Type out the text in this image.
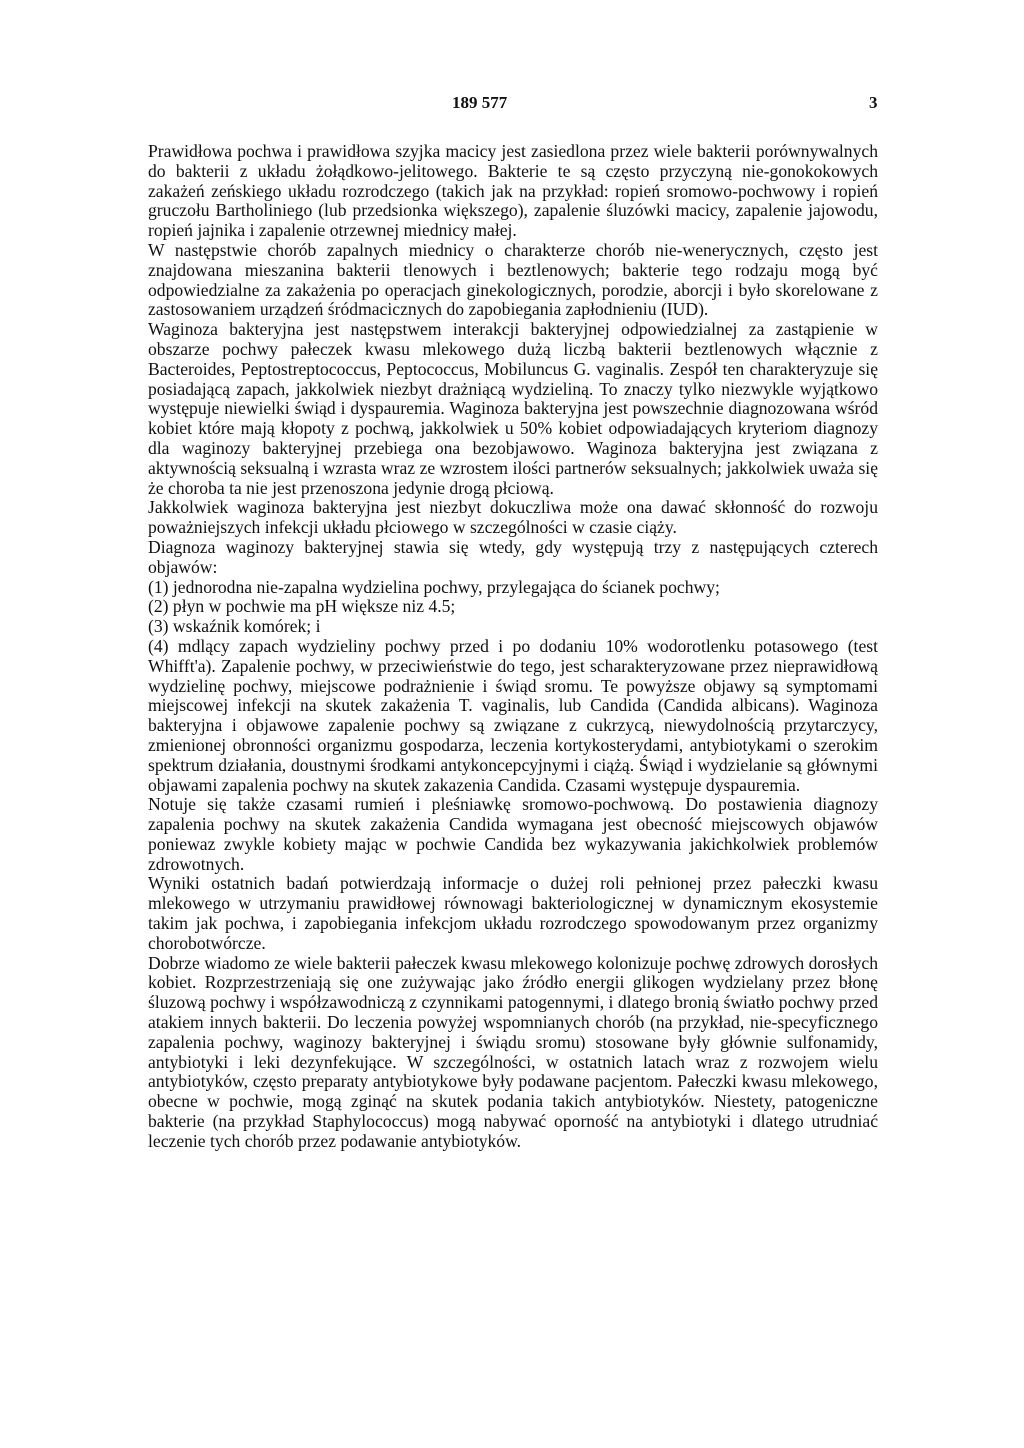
189 577	3

Prawidłowa pochwa i prawidłowa szyjka macicy jest zasiedlona przez wiele bakterii porównywalnych do bakterii z układu żołądkowo-jelitowego. Bakterie te są często przyczyną nie-gonokokowych zakażeń zeńskiego układu rozrodczego (takich jak na przykład: ropień sromowo-pochwowy i ropień gruczołu Bartholiniego (lub przedsionka większego), zapalenie śluzówki macicy, zapalenie jajowodu, ropień jajnika i zapalenie otrzewnej miednicy małej.

W następstwie chorób zapalnych miednicy o charakterze chorób nie-wenerycznych, często jest znajdowana mieszanina bakterii tlenowych i beztlenowych; bakterie tego rodzaju mogą być odpowiedzialne za zakażenia po operacjach ginekologicznych, porodzie, aborcji i było skorelowane z zastosowaniem urządzeń śródmacicznych do zapobiegania zapłodnieniu (IUD).

Waginoza bakteryjna jest następstwem interakcji bakteryjnej odpowiedzialnej za zastąpienie w obszarze pochwy pałeczek kwasu mlekowego dużą liczbą bakterii beztlenowych włącznie z Bacteroides, Peptostreptococcus, Peptococcus, Mobiluncus G. vaginalis. Zespół ten charakteryzuje się posiadającą zapach, jakkolwiek niezbyt drażniącą wydzieliną. To znaczy tylko niezwykle wyjątkowo występuje niewielki świąd i dyspauremia. Waginoza bakteryjna jest powszechnie diagnozowana wśród kobiet które mają kłopoty z pochwą, jakkolwiek u 50% kobiet odpowiadających kryteriom diagnozy dla waginozy bakteryjnej przebiega ona bezobjawowo. Waginoza bakteryjna jest związana z aktywnością seksualną i wzrasta wraz ze wzrostem ilości partnerów seksualnych; jakkolwiek uważa się że choroba ta nie jest przenoszona jedynie drogą płciową.

Jakkolwiek waginoza bakteryjna jest niezbyt dokuczliwa może ona dawać skłonność do rozwoju poważniejszych infekcji układu płciowego w szczególności w czasie ciąży.

Diagnoza waginozy bakteryjnej stawia się wtedy, gdy występują trzy z następujących czterech objawów:

(1) jednorodna nie-zapalna wydzielina pochwy, przylegająca do ścianek pochwy;

(2) płyn w pochwie ma pH większe niz 4.5;

(3) wskaźnik komórek; i

(4) mdlący zapach wydzieliny pochwy przed i po dodaniu 10% wodorotlenku potasowego (test Whifft'a). Zapalenie pochwy, w przeciwieństwie do tego, jest scharakteryzowane przez nieprawidłową wydzielinę pochwy, miejscowe podrażnienie i świąd sromu. Te powyższe objawy są symptomami miejscowej infekcji na skutek zakażenia T. vaginalis, lub Candida (Candida albicans). Waginoza bakteryjna i objawowe zapalenie pochwy są związane z cukrzycą, niewydolnością przytarczycy, zmienionej obronności organizmu gospodarza, leczenia kortykosterydami, antybiotykami o szerokim spektrum działania, doustnymi środkami antykoncepcyjnymi i ciążą. Świąd i wydzielanie są głównymi objawami zapalenia pochwy na skutek zakazenia Candida. Czasami występuje dyspauremia.

Notuje się także czasami rumień i pleśniawkę sromowo-pochwową. Do postawienia diagnozy zapalenia pochwy na skutek zakażenia Candida wymagana jest obecność miejscowych objawów poniewaz zwykle kobiety mając w pochwie Candida bez wykazywania jakichkolwiek problemów zdrowotnych.

Wyniki ostatnich badań potwierdzają informacje o dużej roli pełnionej przez pałeczki kwasu mlekowego w utrzymaniu prawidłowej równowagi bakteriologicznej w dynamicznym ekosystemie takim jak pochwa, i zapobiegania infekcjom układu rozrodczego spowodowanym przez organizmy chorobotwórcze.

Dobrze wiadomo ze wiele bakterii pałeczek kwasu mlekowego kolonizuje pochwę zdrowych dorosłych kobiet. Rozprzestrzeniają się one zużywając jako źródło energii glikogen wydzielany przez błonę śluzową pochwy i współzawodniczą z czynnikami patogennymi, i dlatego bronią światło pochwy przed atakiem innych bakterii. Do leczenia powyżej wspomnianych chorób (na przykład, nie-specyficznego zapalenia pochwy, waginozy bakteryjnej i świądu sromu) stosowane były głównie sulfonamidy, antybiotyki i leki dezynfekujące. W szczególności, w ostatnich latach wraz z rozwojem wielu antybiotyków, często preparaty antybiotykowe były podawane pacjentom. Pałeczki kwasu mlekowego, obecne w pochwie, mogą zginąć na skutek podania takich antybiotyków. Niestety, patogeniczne bakterie (na przykład Staphylococcus) mogą nabywać oporność na antybiotyki i dlatego utrudniać leczenie tych chorób przez podawanie antybiotyków.
